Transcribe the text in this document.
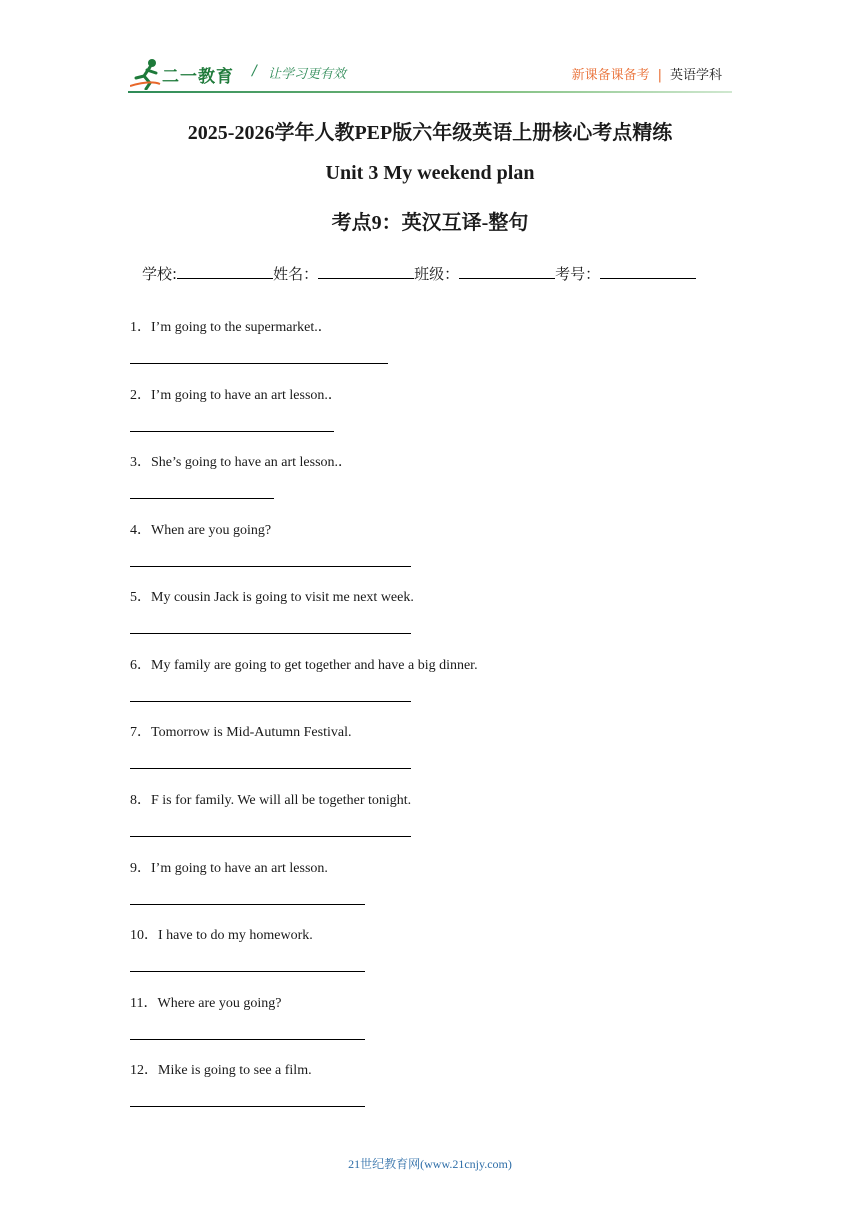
二一教育 / 让学习更有效	新课备课备考 | 英语学科
2025-2026学年人教PEP版六年级英语上册核心考点精练
Unit 3 My weekend plan
考点9：英汉互译-整句
学校:	姓名：	班级：	考号：
1．I’m going to the supermarket.．
2．I’m going to have an art lesson.．
3．She’s going to have an art lesson.．
4．When are you going?
5．My cousin Jack is going to visit me next week.
6．My family are going to get together and have a big dinner.
7．Tomorrow is Mid-Autumn Festival.
8．F is for family. We will all be together tonight.
9．I’m going to have an art lesson.
10．I have to do my homework.
11．Where are you going?
12．Mike is going to see a film.
21世纪教育网(www.21cnjy.com)
